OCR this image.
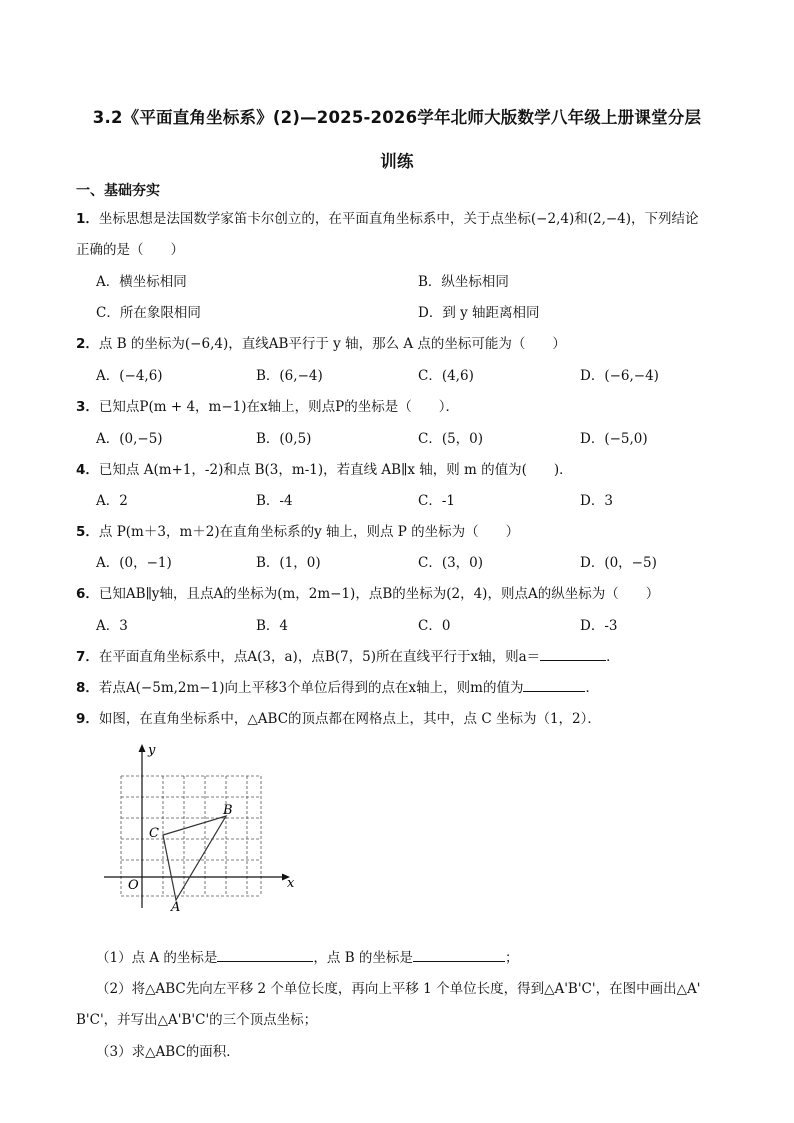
3.2《平面直角坐标系》(2)—2025-2026学年北师大版数学八年级上册课堂分层
训练
一、基础夯实
1．坐标思想是法国数学家笛卡尔创立的，在平面直角坐标系中，关于点坐标(−2,4)和(2,−4)，下列结论
正确的是（　　）
A．横坐标相同	B．纵坐标相同
C．所在象限相同	D．到 y 轴距离相同
2．点 B 的坐标为(−6,4)，直线AB平行于 y 轴，那么 A 点的坐标可能为（　　）
A．(−4,6)	B．(6,−4)	C．(4,6)	D．(−6,−4)
3．已知点P(m + 4，m−1)在x轴上，则点P的坐标是（　　）．
A．(0,−5)	B．(0,5)	C．(5，0)	D．(−5,0)
4．已知点 A(m+1，-2)和点 B(3，m-1)，若直线 AB∥x 轴，则 m 的值为(　　)．
A．2	B．-4	C．-1	D．3
5．点 P(m＋3，m＋2)在直角坐标系的y 轴上，则点 P 的坐标为（　　）
A．(0，−1)	B．(1，0)	C．(3，0)	D．(0，−5)
6．已知AB∥y轴，且点A的坐标为(m，2m−1)，点B的坐标为(2，4)，则点A的纵坐标为（　　）
A．3	B．4	C．0	D．-3
7．在平面直角坐标系中，点A(3，a)，点B(7，5)所在直线平行于x轴，则a＝	．
8．若点A(−5m,2m−1)向上平移3个单位后得到的点在x轴上，则m的值为	．
9．如图，在直角坐标系中，△ABC的顶点都在网格点上，其中，点 C 坐标为（1，2）．
x
y
O
A
B
C
（1）点 A 的坐标是	，点 B 的坐标是	；
（2）将△ABC先向左平移 2 个单位长度，再向上平移 1 个单位长度，得到△A'B'C'，在图中画出△A'
B'C'，并写出△A'B'C'的三个顶点坐标；
（3）求△ABC的面积．
